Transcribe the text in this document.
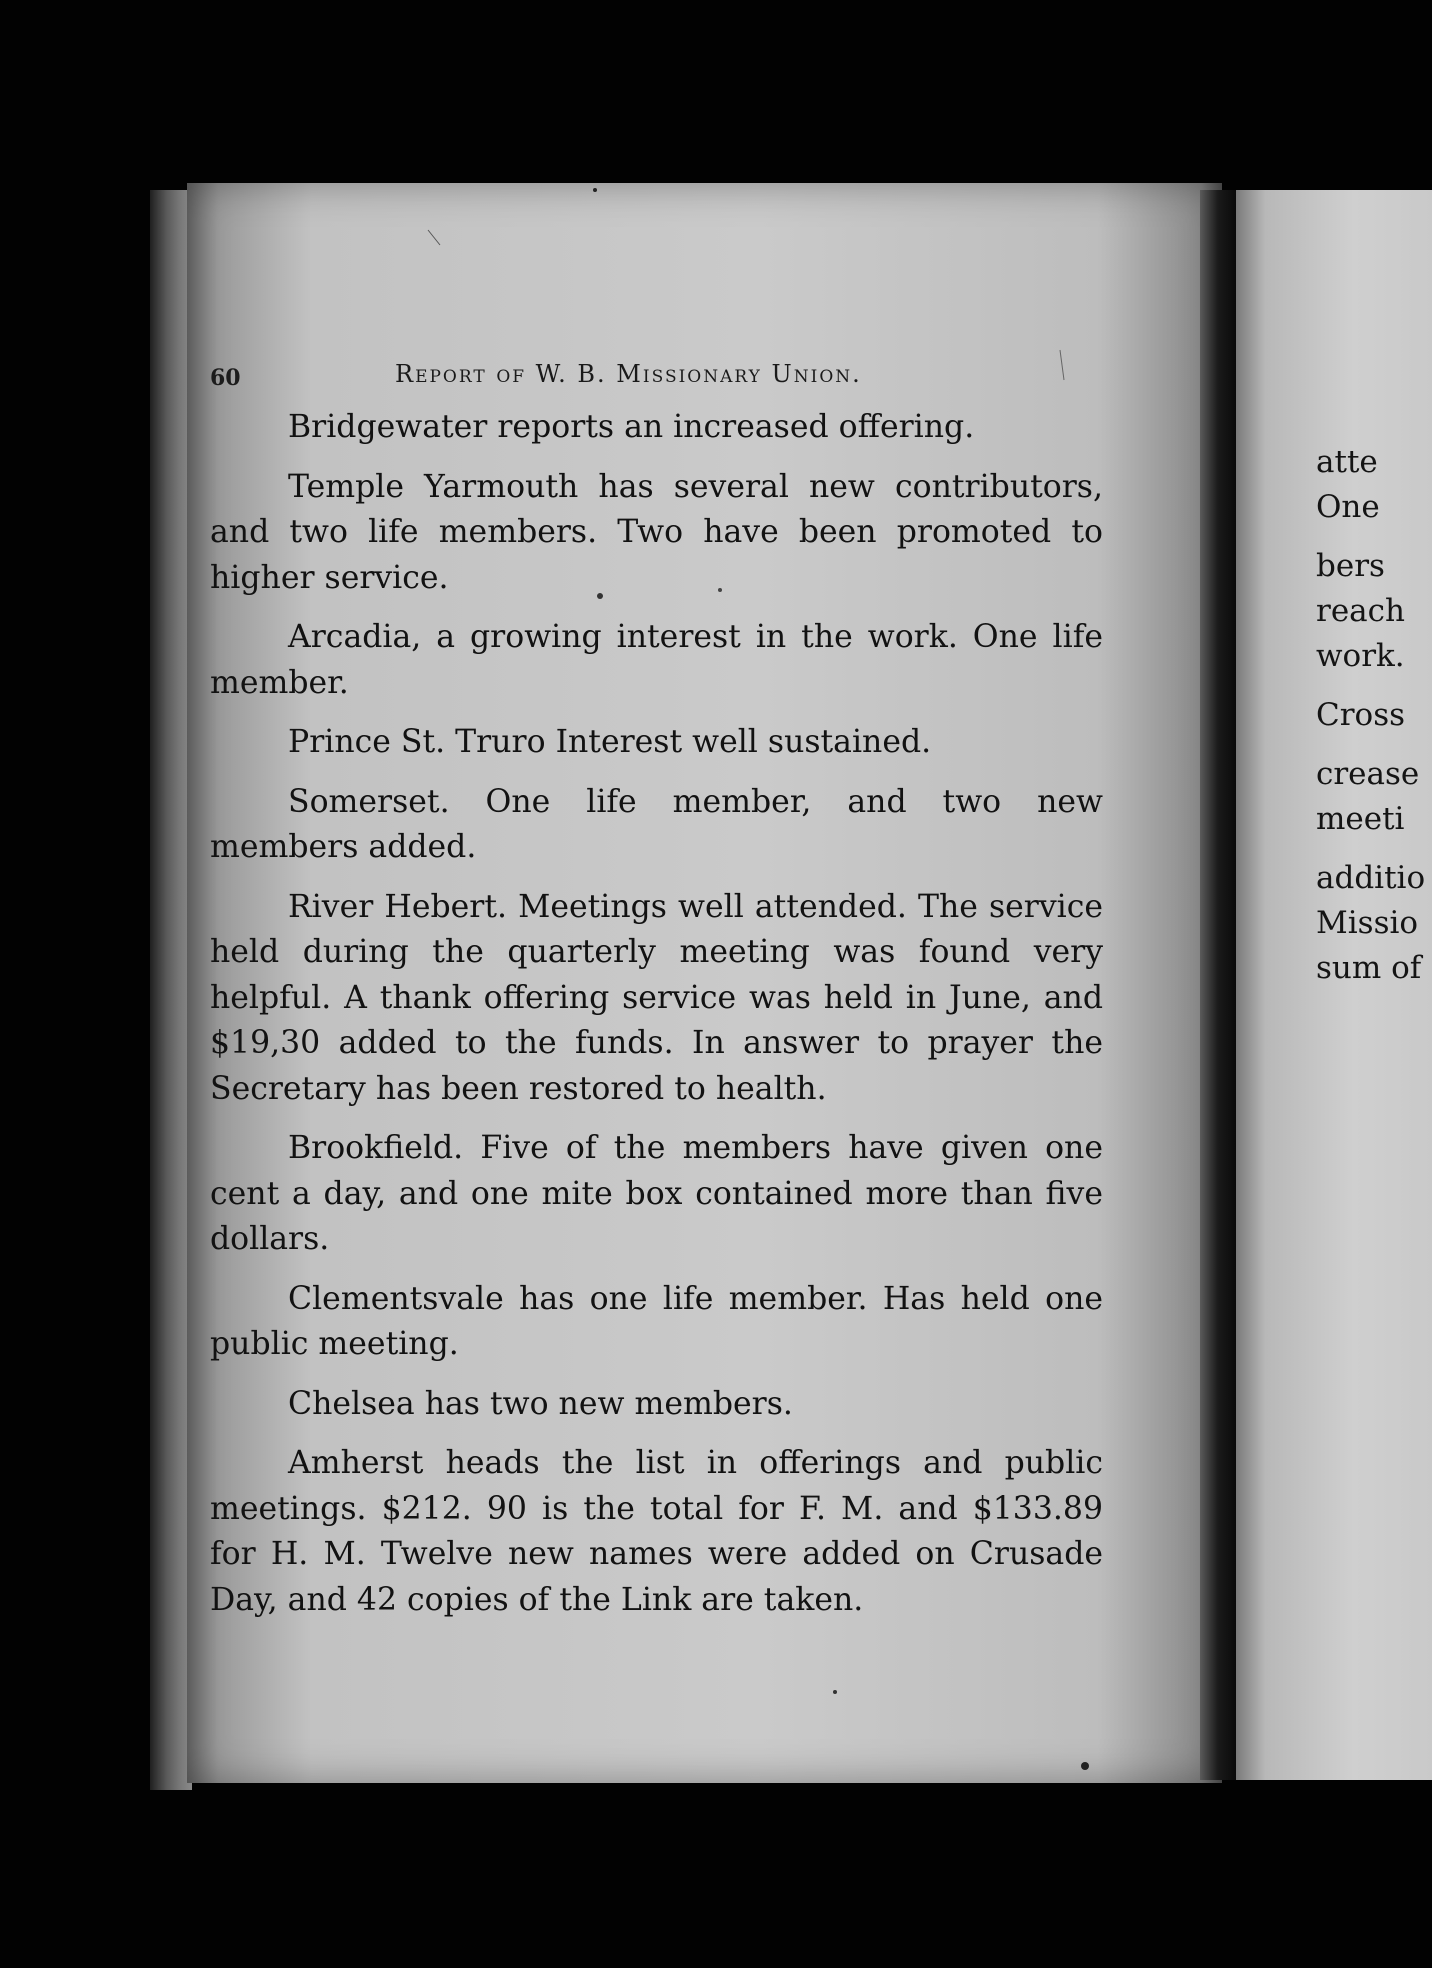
60	Report of W. B. Missionary Union.

Bridgewater reports an increased offering.

Temple Yarmouth has several new contributors, and two life members. Two have been promoted to higher service.

Arcadia, a growing interest in the work. One life member.

Prince St. Truro Interest well sustained.

Somerset. One life member, and two new members added.

River Hebert. Meetings well attended. The service held during the quarterly meeting was found very helpful. A thank offering service was held in June, and $19,30 added to the funds. In answer to prayer the Secretary has been restored to health.

Brookfield. Five of the members have given one cent a day, and one mite box contained more than five dollars.

Clementsvale has one life member. Has held one public meeting.

Chelsea has two new members.

Amherst heads the list in offerings and public meetings. $212. 90 is the total for F. M. and $133.89 for H. M. Twelve new names were added on Crusade Day, and 42 copies of the Link are taken.

atte
One
bers
reach
work.
Cross
crease
meeti
additio
Missio
sum of
